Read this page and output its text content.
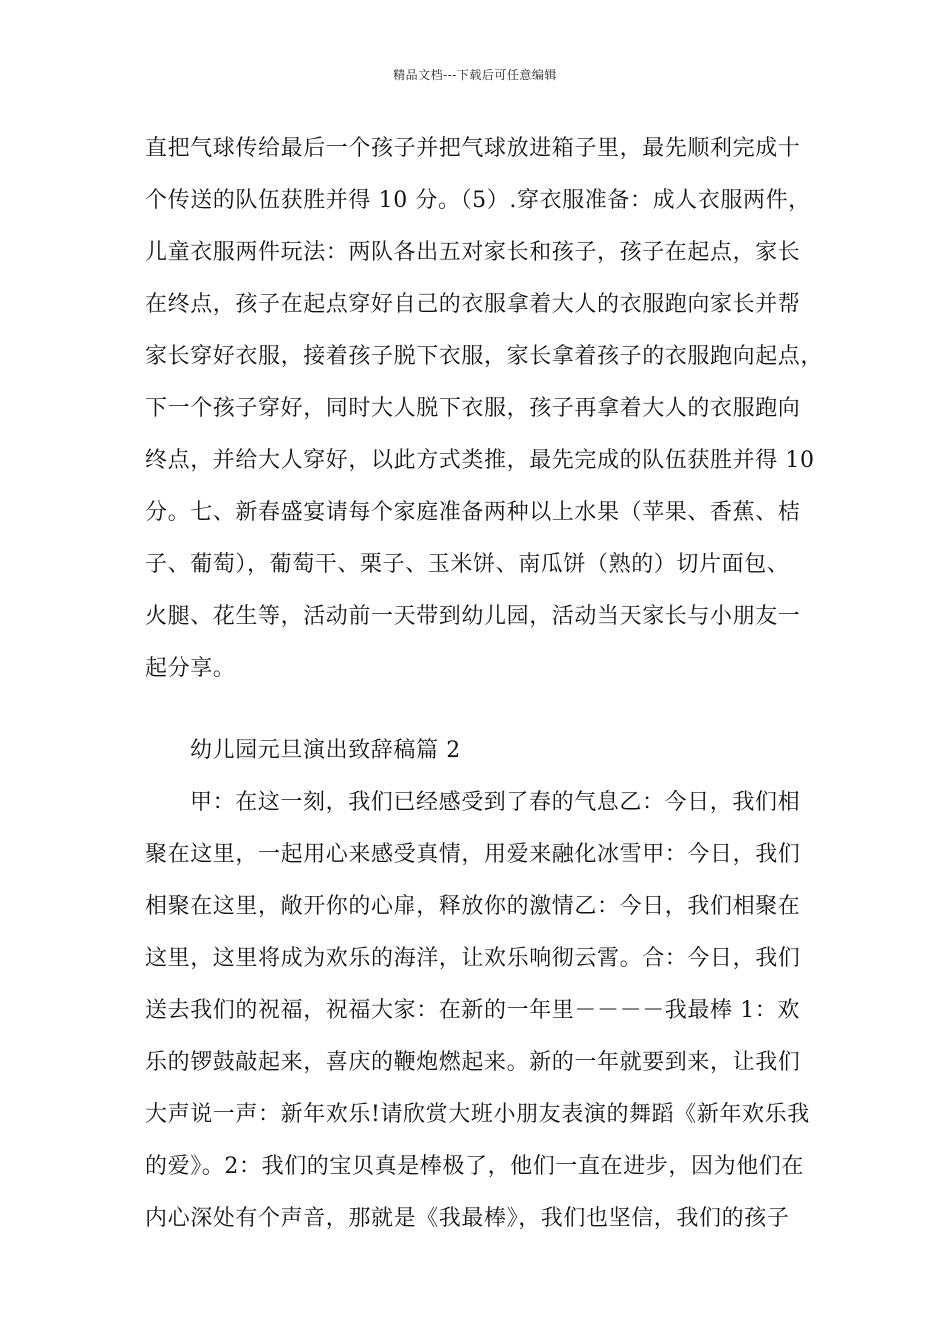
精品文档---下载后可任意编辑
直把气球传给最后一个孩子并把气球放进箱子里，最先顺利完成十
个传送的队伍获胜并得 10 分。（5）.穿衣服准备：成人衣服两件，
儿童衣服两件玩法：两队各出五对家长和孩子，孩子在起点，家长
在终点，孩子在起点穿好自己的衣服拿着大人的衣服跑向家长并帮
家长穿好衣服，接着孩子脱下衣服，家长拿着孩子的衣服跑向起点，
下一个孩子穿好，同时大人脱下衣服，孩子再拿着大人的衣服跑向
终点，并给大人穿好，以此方式类推，最先完成的队伍获胜并得 10
分。七、新春盛宴请每个家庭准备两种以上水果（苹果、香蕉、桔
子、葡萄），葡萄干、栗子、玉米饼、南瓜饼（熟的）切片面包、
火腿、花生等，活动前一天带到幼儿园，活动当天家长与小朋友一
起分享。
幼儿园元旦演出致辞稿篇 2
甲：在这一刻，我们已经感受到了春的气息乙：今日，我们相
聚在这里，一起用心来感受真情，用爱来融化冰雪甲：今日，我们
相聚在这里，敞开你的心扉，释放你的激情乙：今日，我们相聚在
这里，这里将成为欢乐的海洋，让欢乐响彻云霄。合：今日，我们
送去我们的祝福，祝福大家：在新的一年里－－－－我最棒 1：欢
乐的锣鼓敲起来，喜庆的鞭炮燃起来。新的一年就要到来，让我们
大声说一声：新年欢乐!请欣赏大班小朋友表演的舞蹈《新年欢乐我
的爱》。2：我们的宝贝真是棒极了，他们一直在进步，因为他们在
内心深处有个声音，那就是《我最棒》，我们也坚信，我们的孩子
